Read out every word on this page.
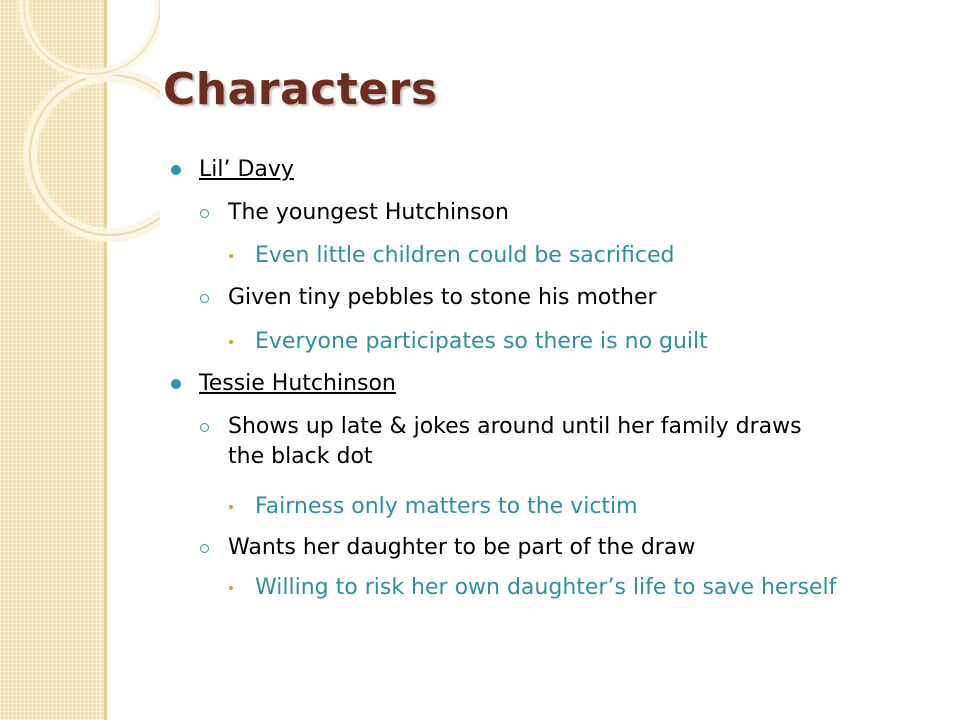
Characters
Lil’ Davy
The youngest Hutchinson
Even little children could be sacrificed
Given tiny pebbles to stone his mother
Everyone participates so there is no guilt
Tessie Hutchinson
Shows up late & jokes around until her family draws the black dot
Fairness only matters to the victim
Wants her daughter to be part of the draw
Willing to risk her own daughter’s life to save herself
